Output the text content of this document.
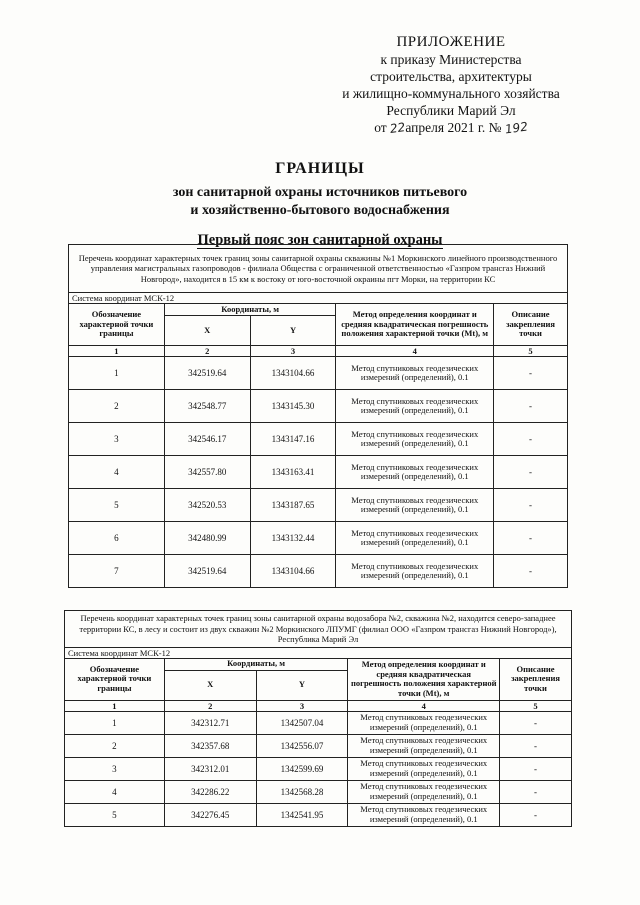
ПРИЛОЖЕНИЕ
к приказу Министерства
строительства, архитектуры
и жилищно-коммунального хозяйства
Республики Марий Эл
от 22апреля 2021 г. № 192
ГРАНИЦЫ
зон санитарной охраны источников питьевого
и хозяйственно-бытового водоснабжения
Первый пояс зон санитарной охраны
Перечень координат характерных точек границ зоны санитарной охраны скважины №1 Моркинского линейного производственного управления магистральных газопроводов - филиала Общества с ограниченной ответственностью «Газпром трансгаз Нижний Новгород», находится в 15 км к востоку от юго-восточной окраины пгт Морки, на территории КС				
Система координат МСК-12				
Обозначение характерной точки границы	Координаты, м		Метод определения координат и средняя квадратическая погрешность положения характерной точки (Mt), м	Описание закрепления точки
	X	Y		
1	2	3	4	5
1	342519.64	1343104.66	Метод спутниковых геодезических измерений (определений), 0.1	-
2	342548.77	1343145.30	Метод спутниковых геодезических измерений (определений), 0.1	-
3	342546.17	1343147.16	Метод спутниковых геодезических измерений (определений), 0.1	-
4	342557.80	1343163.41	Метод спутниковых геодезических измерений (определений), 0.1	-
5	342520.53	1343187.65	Метод спутниковых геодезических измерений (определений), 0.1	-
6	342480.99	1343132.44	Метод спутниковых геодезических измерений (определений), 0.1	-
7	342519.64	1343104.66	Метод спутниковых геодезических измерений (определений), 0.1	-
Перечень координат характерных точек границ зоны санитарной охраны водозабора №2, скважина №2, находится северо-западнее территории КС, в лесу и состоит из двух скважин №2 Моркинского ЛПУМГ (филиал ООО «Газпром трансгаз Нижний Новгород»), Республика Марий Эл				
Система координат МСК-12				
Обозначение характерной точки границы	Координаты, м		Метод определения координат и средняя квадратическая погрешность положения характерной точки (Mt), м	Описание закрепления точки
	X	Y		
1	2	3	4	5
1	342312.71	1342507.04	Метод спутниковых геодезических измерений (определений), 0.1	-
2	342357.68	1342556.07	Метод спутниковых геодезических измерений (определений), 0.1	-
3	342312.01	1342599.69	Метод спутниковых геодезических измерений (определений), 0.1	-
4	342286.22	1342568.28	Метод спутниковых геодезических измерений (определений), 0.1	-
5	342276.45	1342541.95	Метод спутниковых геодезических измерений (определений), 0.1	-
